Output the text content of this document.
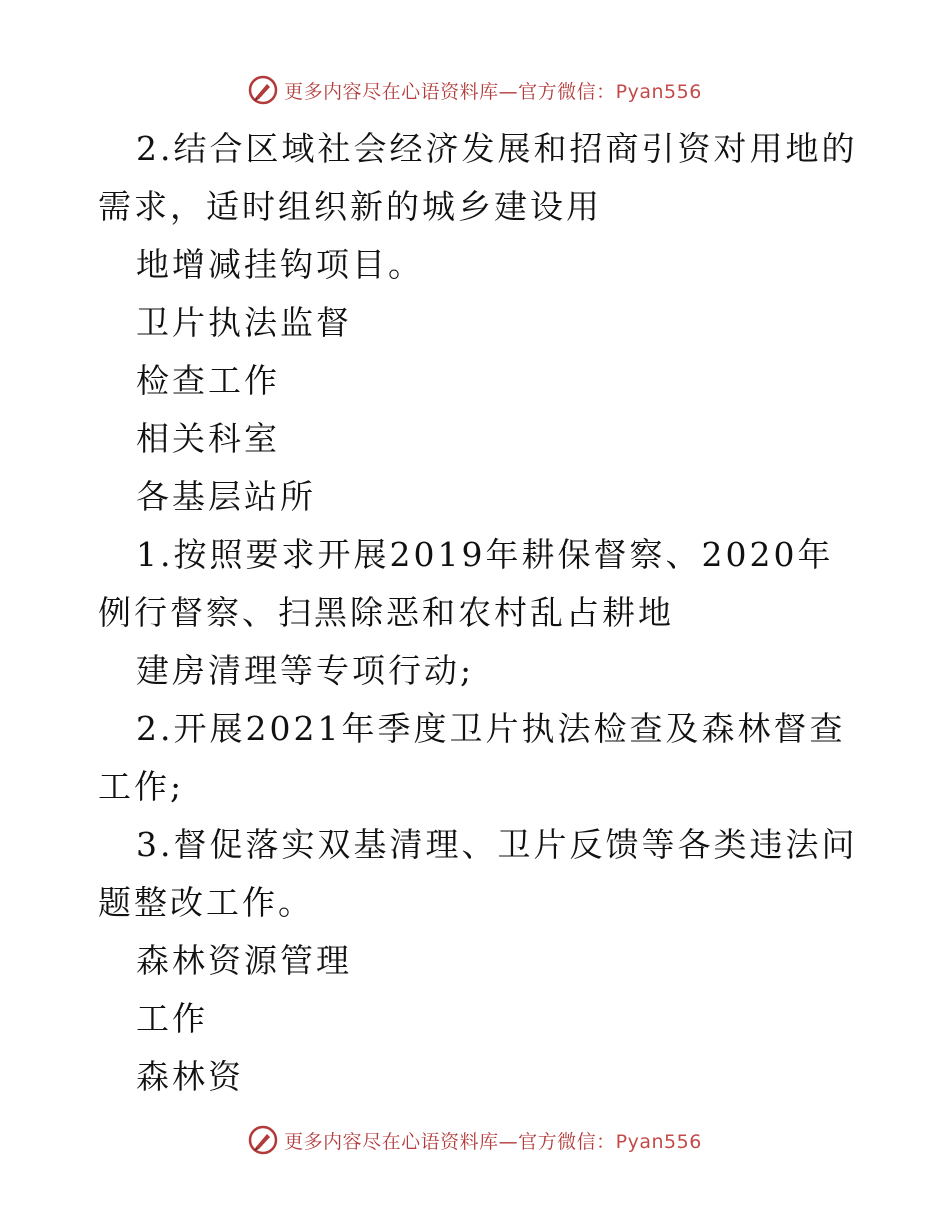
更多内容尽在心语资料库—官方微信：Pyan556

2.结合区域社会经济发展和招商引资对用地的需求，适时组织新的城乡建设用

地增减挂钩项目。

卫片执法监督

检查工作

相关科室

各基层站所

1.按照要求开展2019年耕保督察、2020年例行督察、扫黑除恶和农村乱占耕地

建房清理等专项行动;

2.开展2021年季度卫片执法检查及森林督查工作;

3.督促落实双基清理、卫片反馈等各类违法问题整改工作。

森林资源管理

工作

森林资

更多内容尽在心语资料库—官方微信：Pyan556
